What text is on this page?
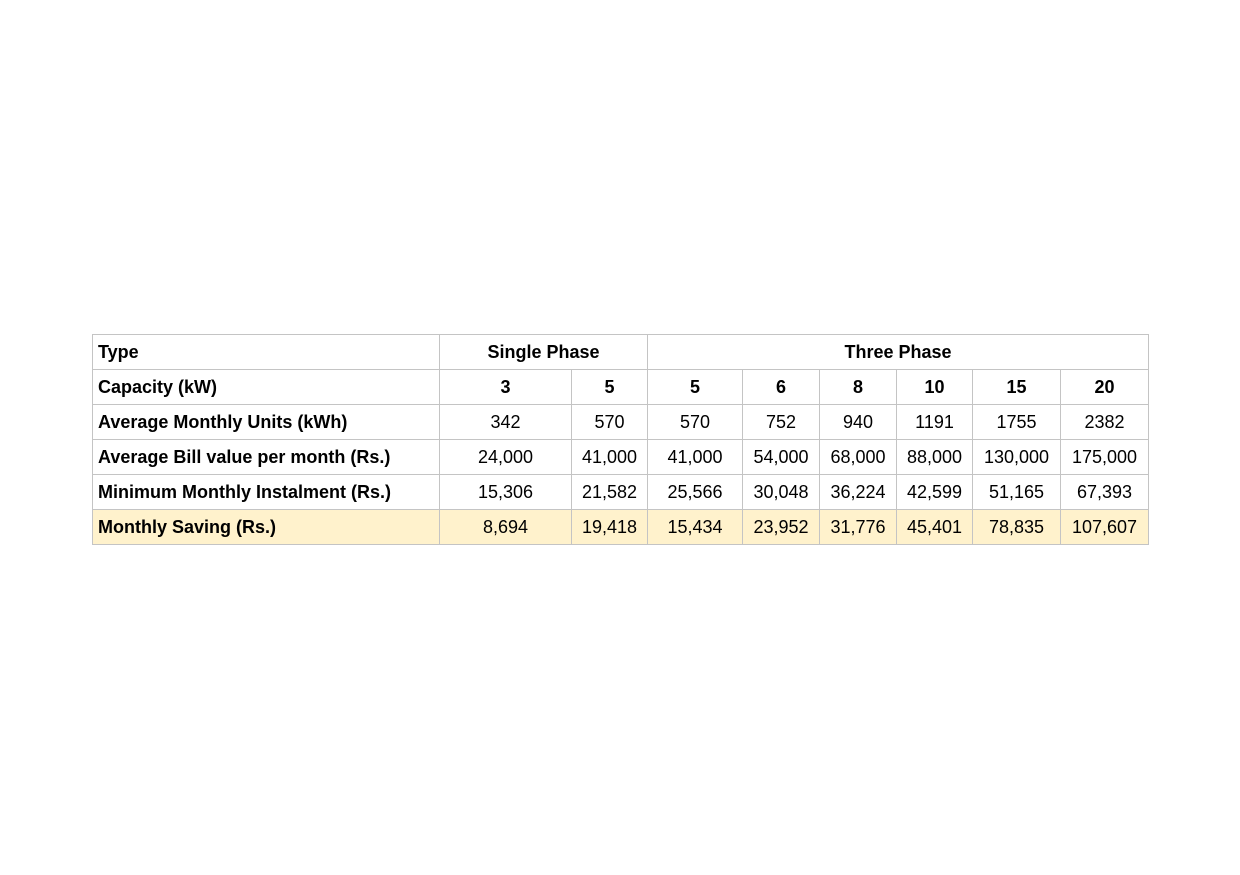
Type	Single Phase		Three Phase					
Capacity (kW)	3	5	5	6	8	10	15	20
Average Monthly Units (kWh)	342	570	570	752	940	1191	1755	2382
Average Bill value per month (Rs.)	24,000	41,000	41,000	54,000	68,000	88,000	130,000	175,000
Minimum Monthly Instalment (Rs.)	15,306	21,582	25,566	30,048	36,224	42,599	51,165	67,393
Monthly Saving (Rs.)	8,694	19,418	15,434	23,952	31,776	45,401	78,835	107,607
